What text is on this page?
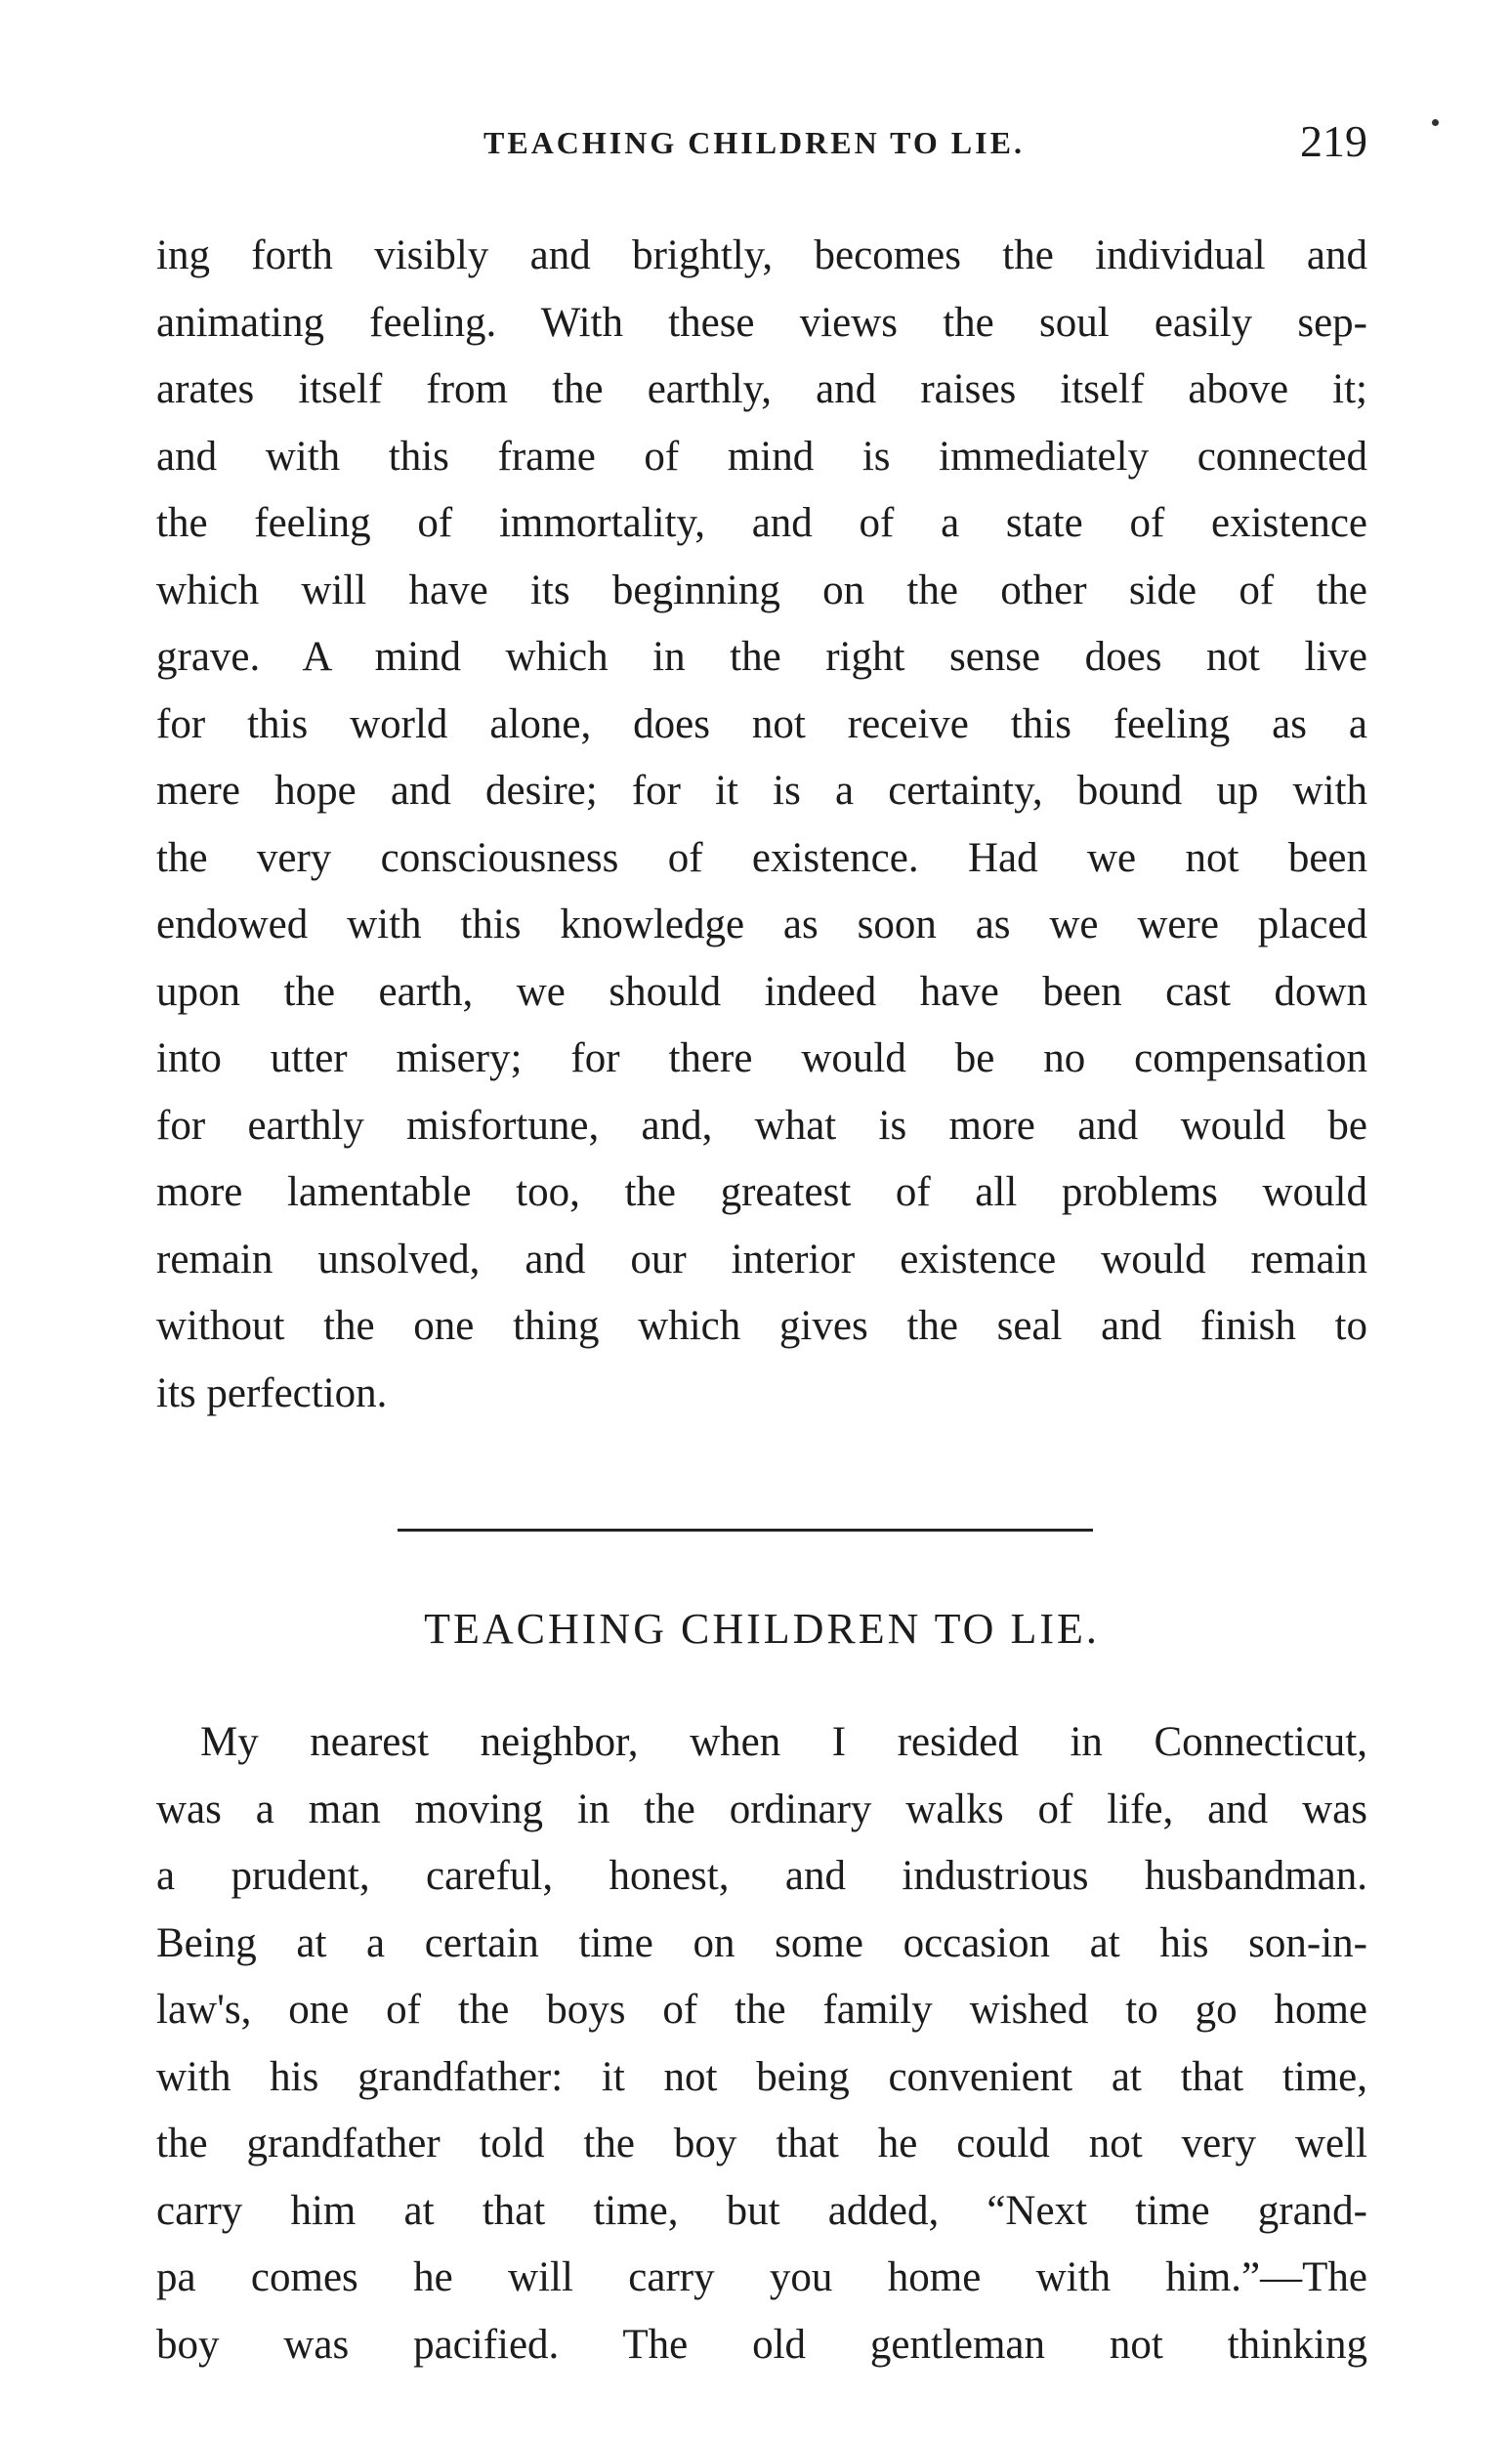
TEACHING CHILDREN TO LIE.	219
ing forth visibly and brightly, becomes the individual and
animating feeling. With these views the soul easily sep-
arates itself from the earthly, and raises itself above it;
and with this frame of mind is immediately connected
the feeling of immortality, and of a state of existence
which will have its beginning on the other side of the
grave. A mind which in the right sense does not live
for this world alone, does not receive this feeling as a
mere hope and desire; for it is a certainty, bound up with
the very consciousness of existence. Had we not been
endowed with this knowledge as soon as we were placed
upon the earth, we should indeed have been cast down
into utter misery; for there would be no compensation
for earthly misfortune, and, what is more and would be
more lamentable too, the greatest of all problems would
remain unsolved, and our interior existence would remain
without the one thing which gives the seal and finish to
its perfection.
TEACHING CHILDREN TO LIE.
My nearest neighbor, when I resided in Connecticut,
was a man moving in the ordinary walks of life, and was
a prudent, careful, honest, and industrious husbandman.
Being at a certain time on some occasion at his son-in-
law's, one of the boys of the family wished to go home
with his grandfather: it not being convenient at that time,
the grandfather told the boy that he could not very well
carry him at that time, but added, “Next time grand-
pa comes he will carry you home with him.”—The
boy was pacified. The old gentleman not thinking
